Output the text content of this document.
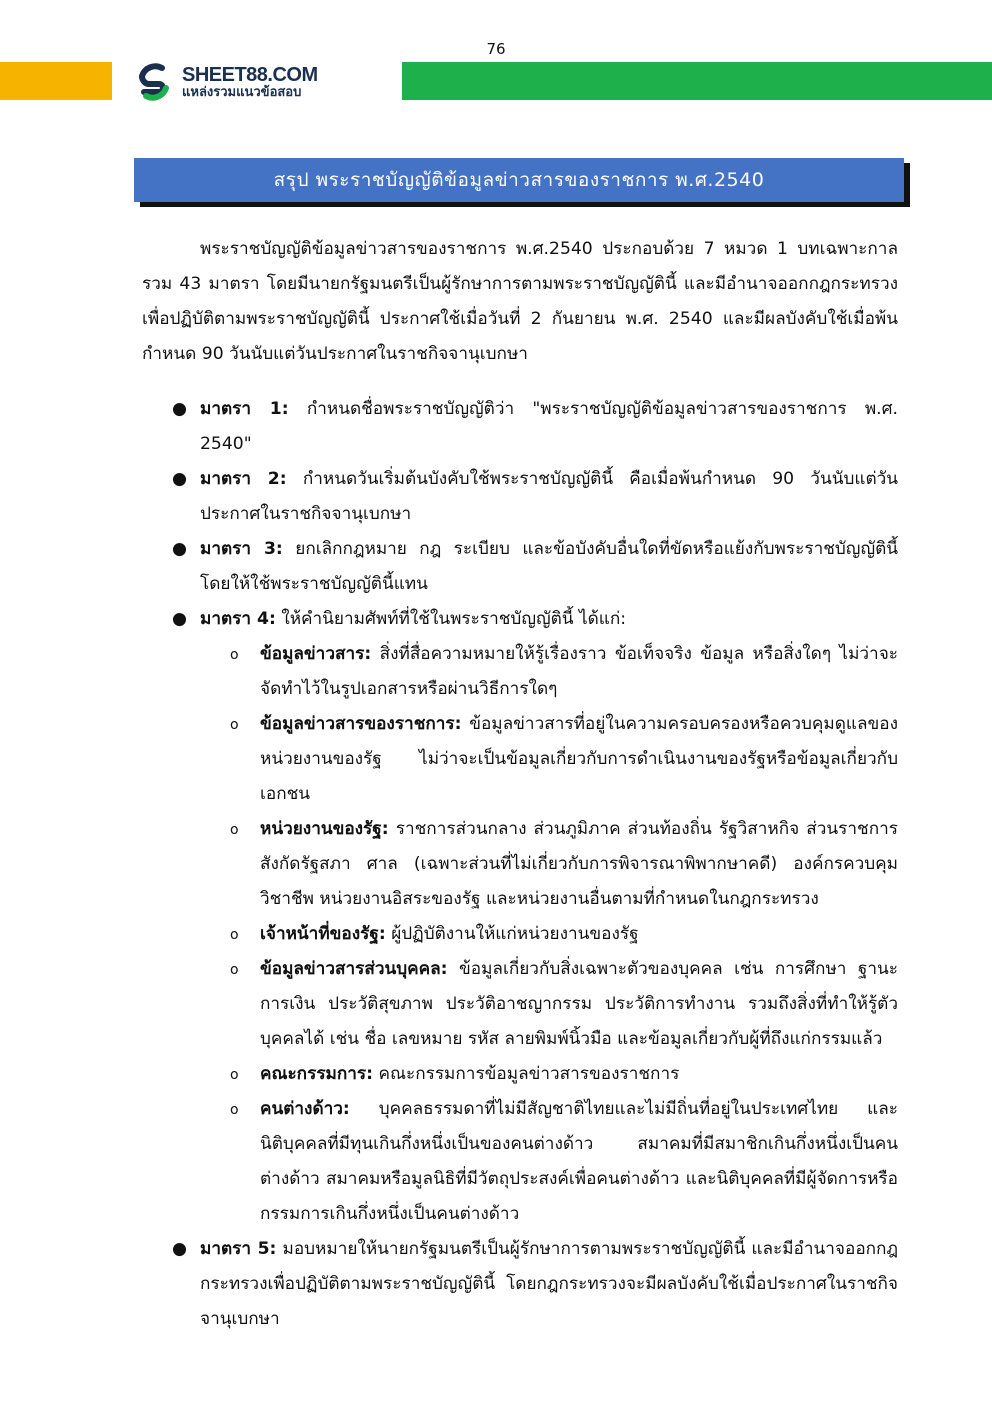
76
SHEET88.COM
แหล่งรวมแนวข้อสอบ
สรุป พระราชบัญญัติข้อมูลข่าวสารของราชการ พ.ศ.2540

พระราชบัญญัติข้อมูลข่าวสารของราชการ พ.ศ.2540 ประกอบด้วย 7 หมวด 1 บทเฉพาะกาล รวม 43 มาตรา โดยมีนายกรัฐมนตรีเป็นผู้รักษาการตามพระราชบัญญัตินี้ และมีอำนาจออกกฎกระทรวงเพื่อปฏิบัติตามพระราชบัญญัตินี้ ประกาศใช้เมื่อวันที่ 2 กันยายน พ.ศ. 2540 และมีผลบังคับใช้เมื่อพ้นกำหนด 90 วันนับแต่วันประกาศในราชกิจจานุเบกษา

● มาตรา 1: กำหนดชื่อพระราชบัญญัติว่า "พระราชบัญญัติข้อมูลข่าวสารของราชการ พ.ศ. 2540"
● มาตรา 2: กำหนดวันเริ่มต้นบังคับใช้พระราชบัญญัตินี้ คือเมื่อพ้นกำหนด 90 วันนับแต่วันประกาศในราชกิจจานุเบกษา
● มาตรา 3: ยกเลิกกฎหมาย กฎ ระเบียบ และข้อบังคับอื่นใดที่ขัดหรือแย้งกับพระราชบัญญัตินี้ โดยให้ใช้พระราชบัญญัตินี้แทน
● มาตรา 4: ให้คำนิยามศัพท์ที่ใช้ในพระราชบัญญัตินี้ ได้แก่:
o ข้อมูลข่าวสาร: สิ่งที่สื่อความหมายให้รู้เรื่องราว ข้อเท็จจริง ข้อมูล หรือสิ่งใดๆ ไม่ว่าจะจัดทำไว้ในรูปเอกสารหรือผ่านวิธีการใดๆ
o ข้อมูลข่าวสารของราชการ: ข้อมูลข่าวสารที่อยู่ในความครอบครองหรือควบคุมดูแลของหน่วยงานของรัฐ ไม่ว่าจะเป็นข้อมูลเกี่ยวกับการดำเนินงานของรัฐหรือข้อมูลเกี่ยวกับเอกชน
o หน่วยงานของรัฐ: ราชการส่วนกลาง ส่วนภูมิภาค ส่วนท้องถิ่น รัฐวิสาหกิจ ส่วนราชการสังกัดรัฐสภา ศาล (เฉพาะส่วนที่ไม่เกี่ยวกับการพิจารณาพิพากษาคดี) องค์กรควบคุมวิชาชีพ หน่วยงานอิสระของรัฐ และหน่วยงานอื่นตามที่กำหนดในกฎกระทรวง
o เจ้าหน้าที่ของรัฐ: ผู้ปฏิบัติงานให้แก่หน่วยงานของรัฐ
o ข้อมูลข่าวสารส่วนบุคคล: ข้อมูลเกี่ยวกับสิ่งเฉพาะตัวของบุคคล เช่น การศึกษา ฐานะการเงิน ประวัติสุขภาพ ประวัติอาชญากรรม ประวัติการทำงาน รวมถึงสิ่งที่ทำให้รู้ตัวบุคคลได้ เช่น ชื่อ เลขหมาย รหัส ลายพิมพ์นิ้วมือ และข้อมูลเกี่ยวกับผู้ที่ถึงแก่กรรมแล้ว
o คณะกรรมการ: คณะกรรมการข้อมูลข่าวสารของราชการ
o คนต่างด้าว: บุคคลธรรมดาที่ไม่มีสัญชาติไทยและไม่มีถิ่นที่อยู่ในประเทศไทย และนิติบุคคลที่มีทุนเกินกึ่งหนึ่งเป็นของคนต่างด้าว สมาคมที่มีสมาชิกเกินกึ่งหนึ่งเป็นคนต่างด้าว สมาคมหรือมูลนิธิที่มีวัตถุประสงค์เพื่อคนต่างด้าว และนิติบุคคลที่มีผู้จัดการหรือกรรมการเกินกึ่งหนึ่งเป็นคนต่างด้าว
● มาตรา 5: มอบหมายให้นายกรัฐมนตรีเป็นผู้รักษาการตามพระราชบัญญัตินี้ และมีอำนาจออกกฎกระทรวงเพื่อปฏิบัติตามพระราชบัญญัตินี้ โดยกฎกระทรวงจะมีผลบังคับใช้เมื่อประกาศในราชกิจจานุเบกษา
